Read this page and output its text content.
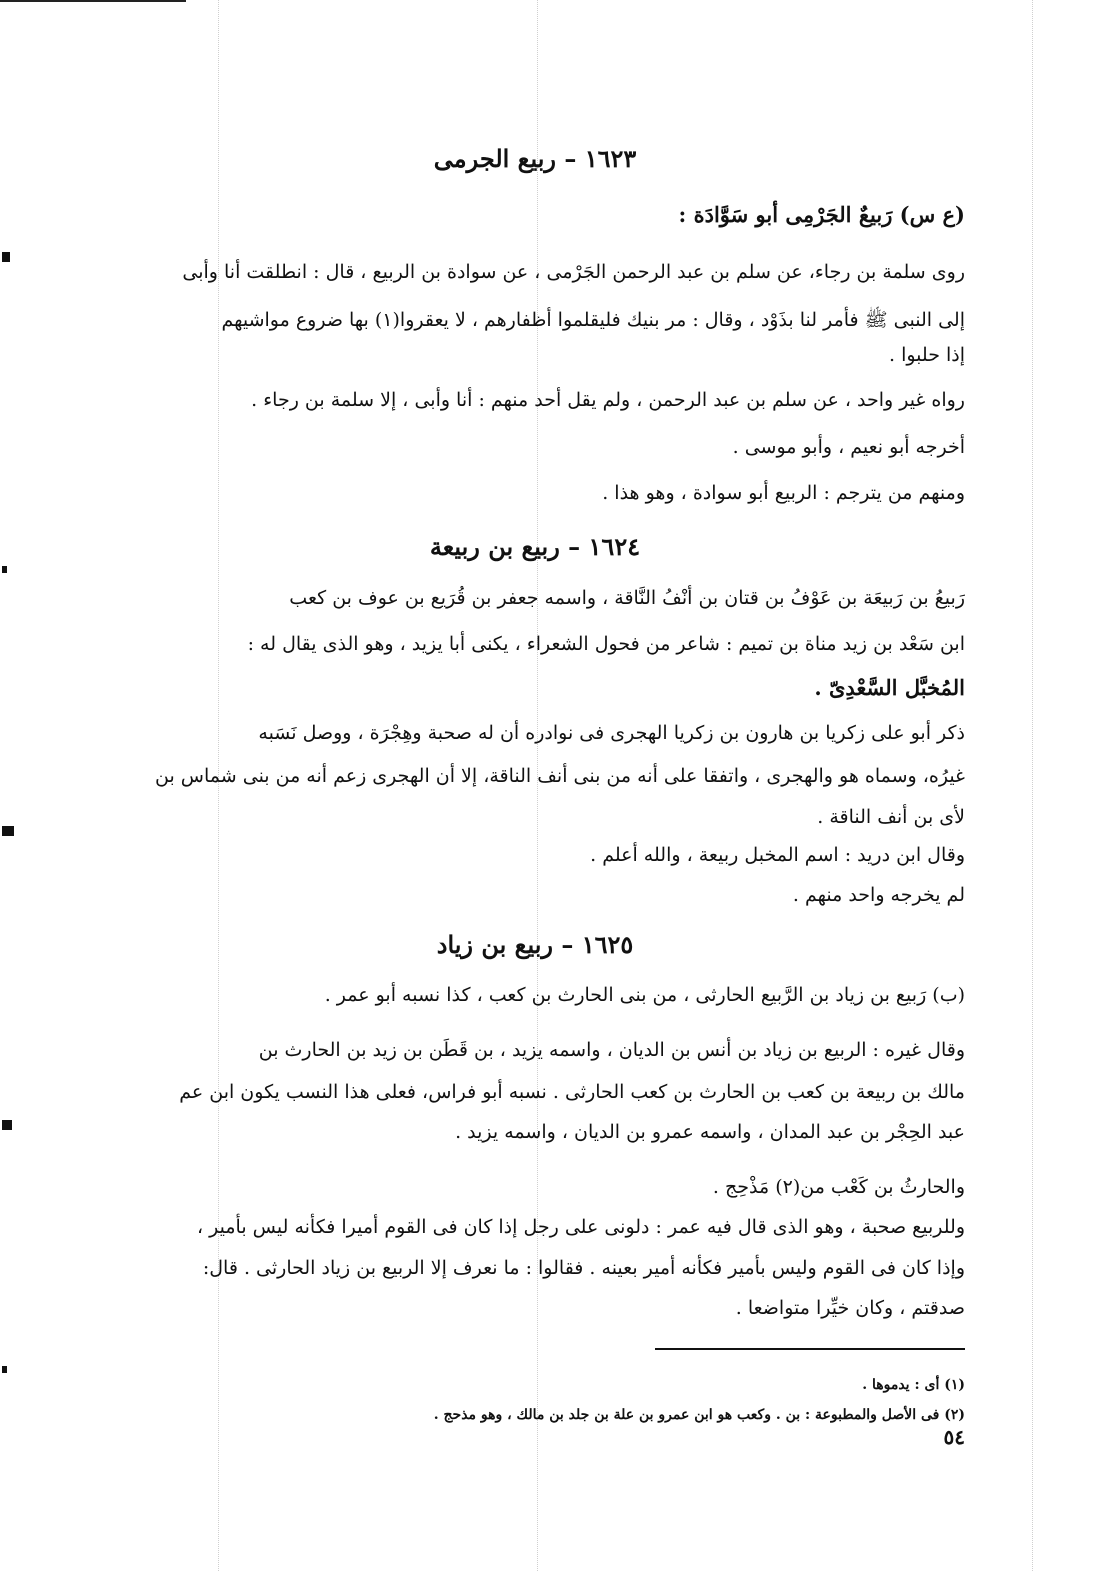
١٦٢٣ – ربيع الجرمى
(ع س) رَبيعٌ الجَرْمِى أبو سَوَّادَة :
روى سلمة بن رجاء، عن سلم بن عبد الرحمن الجَرْمى ، عن سوادة بن الربيع ، قال : انطلقت أنا وأبى
إلى النبى ﷺ فأمر لنا بذَوْد ، وقال : مر بنيك فليقلموا أظفارهم ، لا يعقروا(١) بها ضروع مواشيهم
إذا حلبوا .
رواه غير واحد ، عن سلم بن عبد الرحمن ، ولم يقل أحد منهم : أنا وأبى ، إلا سلمة بن رجاء .
أخرجه أبو نعيم ، وأبو موسى .
ومنهم من يترجم : الربيع أبو سوادة ، وهو هذا .
١٦٢٤ – ربيع بن ربيعة
رَبيعُ بن رَبيعَة بن عَوْفُ بن قتان بن أنْفُ النَّاقة ، واسمه جعفر بن قُرَيع بن عوف بن كعب
ابن سَعْد بن زيد مناة بن تميم : شاعر من فحول الشعراء ، يكنى أبا يزيد ، وهو الذى يقال له :
المُخبَّل السَّعْدِىّ .
ذكر أبو على زكريا بن هارون بن زكريا الهجرى فى نوادره أن له صحبة وهِجْرَة ، ووصل نَسَبه
غيرُه، وسماه هو والهجرى ، واتفقا على أنه من بنى أنف الناقة، إلا أن الهجرى زعم أنه من بنى شماس بن
لأى بن أنف الناقة .
وقال ابن دريد : اسم المخبل ربيعة ، والله أعلم .
لم يخرجه واحد منهم .
١٦٢٥ – ربيع بن زياد
(ب) رَبيع بن زياد بن الرَّبيع الحارثى ، من بنى الحارث بن كعب ، كذا نسبه أبو عمر .
وقال غيره : الربيع بن زياد بن أنس بن الديان ، واسمه يزيد ، بن قَطَن بن زيد بن الحارث بن
مالك بن ربيعة بن كعب بن الحارث بن كعب الحارثى . نسبه أبو فراس، فعلى هذا النسب يكون ابن عم
عبد الحِجْر بن عبد المدان ، واسمه عمرو بن الديان ، واسمه يزيد .
والحارثُ بن كَعْب من(٢) مَذْحِج .
وللربيع صحبة ، وهو الذى قال فيه عمر : دلونى على رجل إذا كان فى القوم أميرا فكأنه ليس بأمير ،
وإذا كان فى القوم وليس بأمير فكأنه أمير بعينه . فقالوا : ما نعرف إلا الربيع بن زياد الحارثى . قال:
صدقتم ، وكان خيِّرا متواضعا .
(١) أى : يدموها .
(٢) فى الأصل والمطبوعة : بن . وكعب هو ابن عمرو بن علة بن جلد بن مالك ، وهو مذحج .
٥٤
